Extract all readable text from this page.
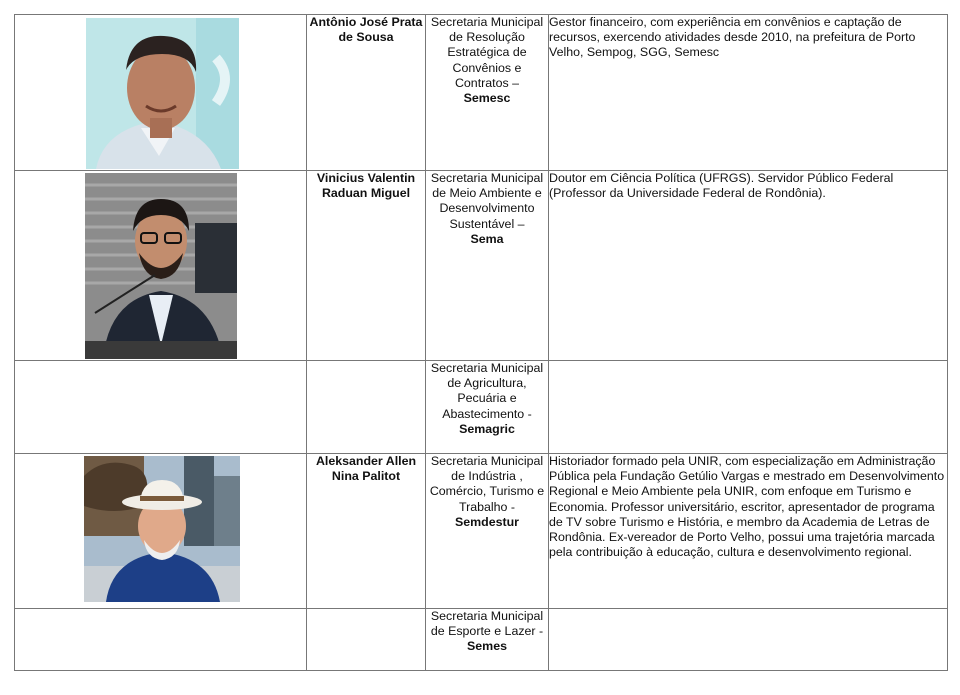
	Antônio José Prata de Sousa	Secretaria Municipal de Resolução Estratégica de Convênios e Contratos –
Semesc	Gestor financeiro, com experiência em convênios e captação de recursos, exercendo atividades desde 2010, na prefeitura de Porto Velho, Sempog, SGG, Semesc

	Vinicius Valentin Raduan Miguel	Secretaria Municipal de Meio Ambiente e Desenvolvimento Sustentável –
Sema	Doutor em Ciência Política (UFRGS). Servidor Público Federal (Professor da Universidade Federal de Rondônia).
		Secretaria Municipal de Agricultura, Pecuária e Abastecimento -
Semagric	

	Aleksander Allen Nina Palitot	Secretaria Municipal de Indústria , Comércio, Turismo e Trabalho -
Semdestur	Historiador formado pela UNIR, com especialização em Administração Pública pela Fundação Getúlio Vargas e mestrado em Desenvolvimento Regional e Meio Ambiente pela UNIR, com enfoque em Turismo e Economia. Professor universitário, escritor, apresentador de programa de TV sobre Turismo e História, e membro da Academia de Letras de Rondônia. Ex-vereador de Porto Velho, possui uma trajetória marcada pela contribuição à educação, cultura e desenvolvimento regional.
		Secretaria Municipal de Esporte e Lazer -
Semes	
